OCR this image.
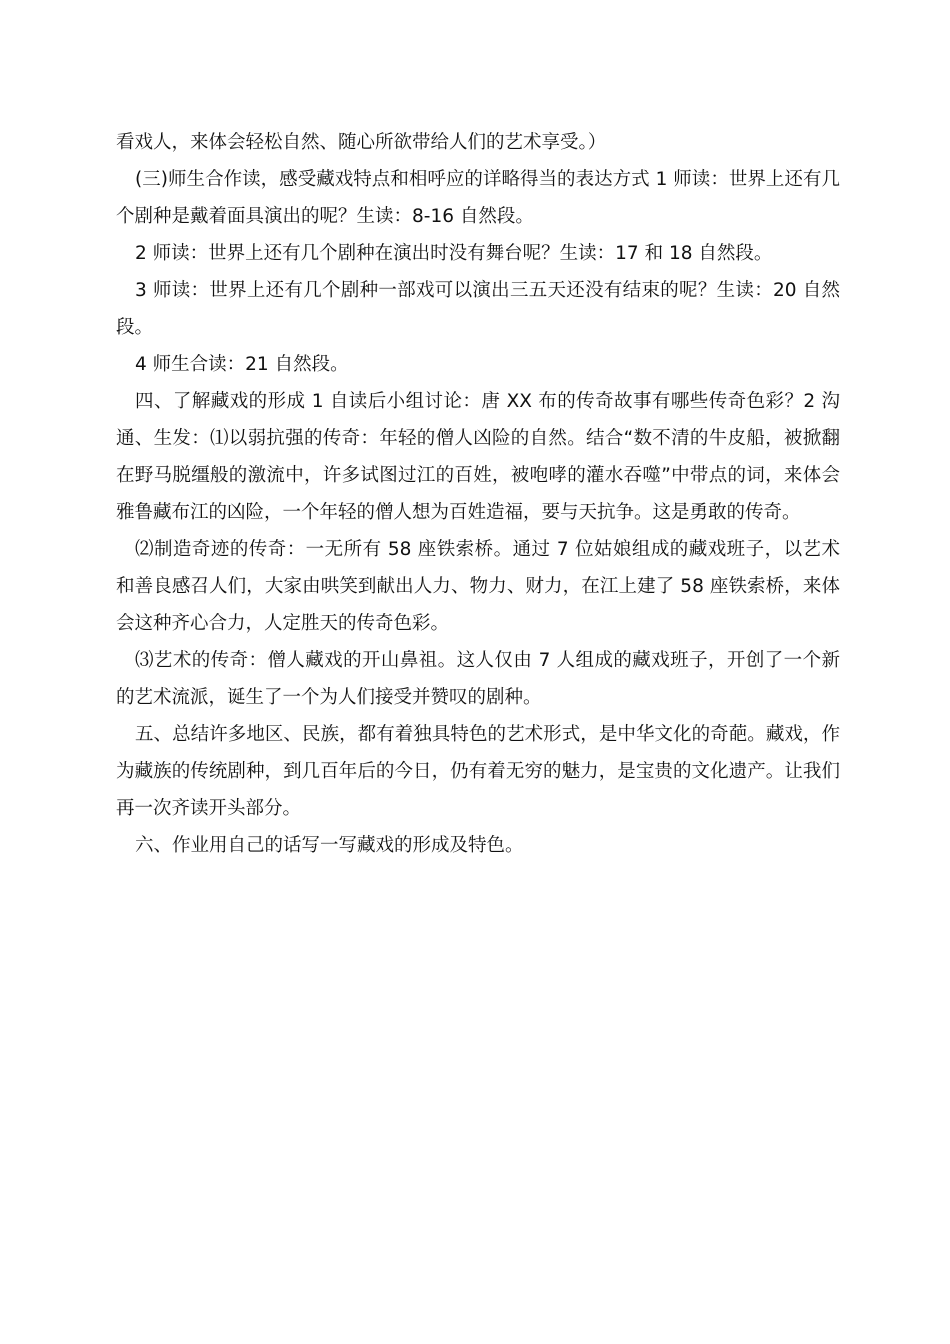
看戏人，来体会轻松自然、随心所欲带给人们的艺术享受。）

(三)师生合作读，感受藏戏特点和相呼应的详略得当的表达方式 1 师读：世界上还有几个剧种是戴着面具演出的呢？生读：8-16 自然段。

2 师读：世界上还有几个剧种在演出时没有舞台呢？生读：17 和 18 自然段。

3 师读：世界上还有几个剧种一部戏可以演出三五天还没有结束的呢？生读：20 自然段。

4 师生合读：21 自然段。

四、了解藏戏的形成 1 自读后小组讨论：唐 XX 布的传奇故事有哪些传奇色彩？2 沟通、生发：⑴以弱抗强的传奇：年轻的僧人凶险的自然。结合“数不清的牛皮船，被掀翻在野马脱缰般的激流中，许多试图过江的百姓，被咆哮的灌水吞噬”中带点的词，来体会雅鲁藏布江的凶险，一个年轻的僧人想为百姓造福，要与天抗争。这是勇敢的传奇。

⑵制造奇迹的传奇：一无所有 58 座铁索桥。通过 7 位姑娘组成的藏戏班子，以艺术和善良感召人们，大家由哄笑到献出人力、物力、财力，在江上建了 58 座铁索桥，来体会这种齐心合力，人定胜天的传奇色彩。

⑶艺术的传奇：僧人藏戏的开山鼻祖。这人仅由 7 人组成的藏戏班子，开创了一个新的艺术流派，诞生了一个为人们接受并赞叹的剧种。

五、总结许多地区、民族，都有着独具特色的艺术形式，是中华文化的奇葩。藏戏，作为藏族的传统剧种，到几百年后的今日，仍有着无穷的魅力，是宝贵的文化遗产。让我们再一次齐读开头部分。

六、作业用自己的话写一写藏戏的形成及特色。
